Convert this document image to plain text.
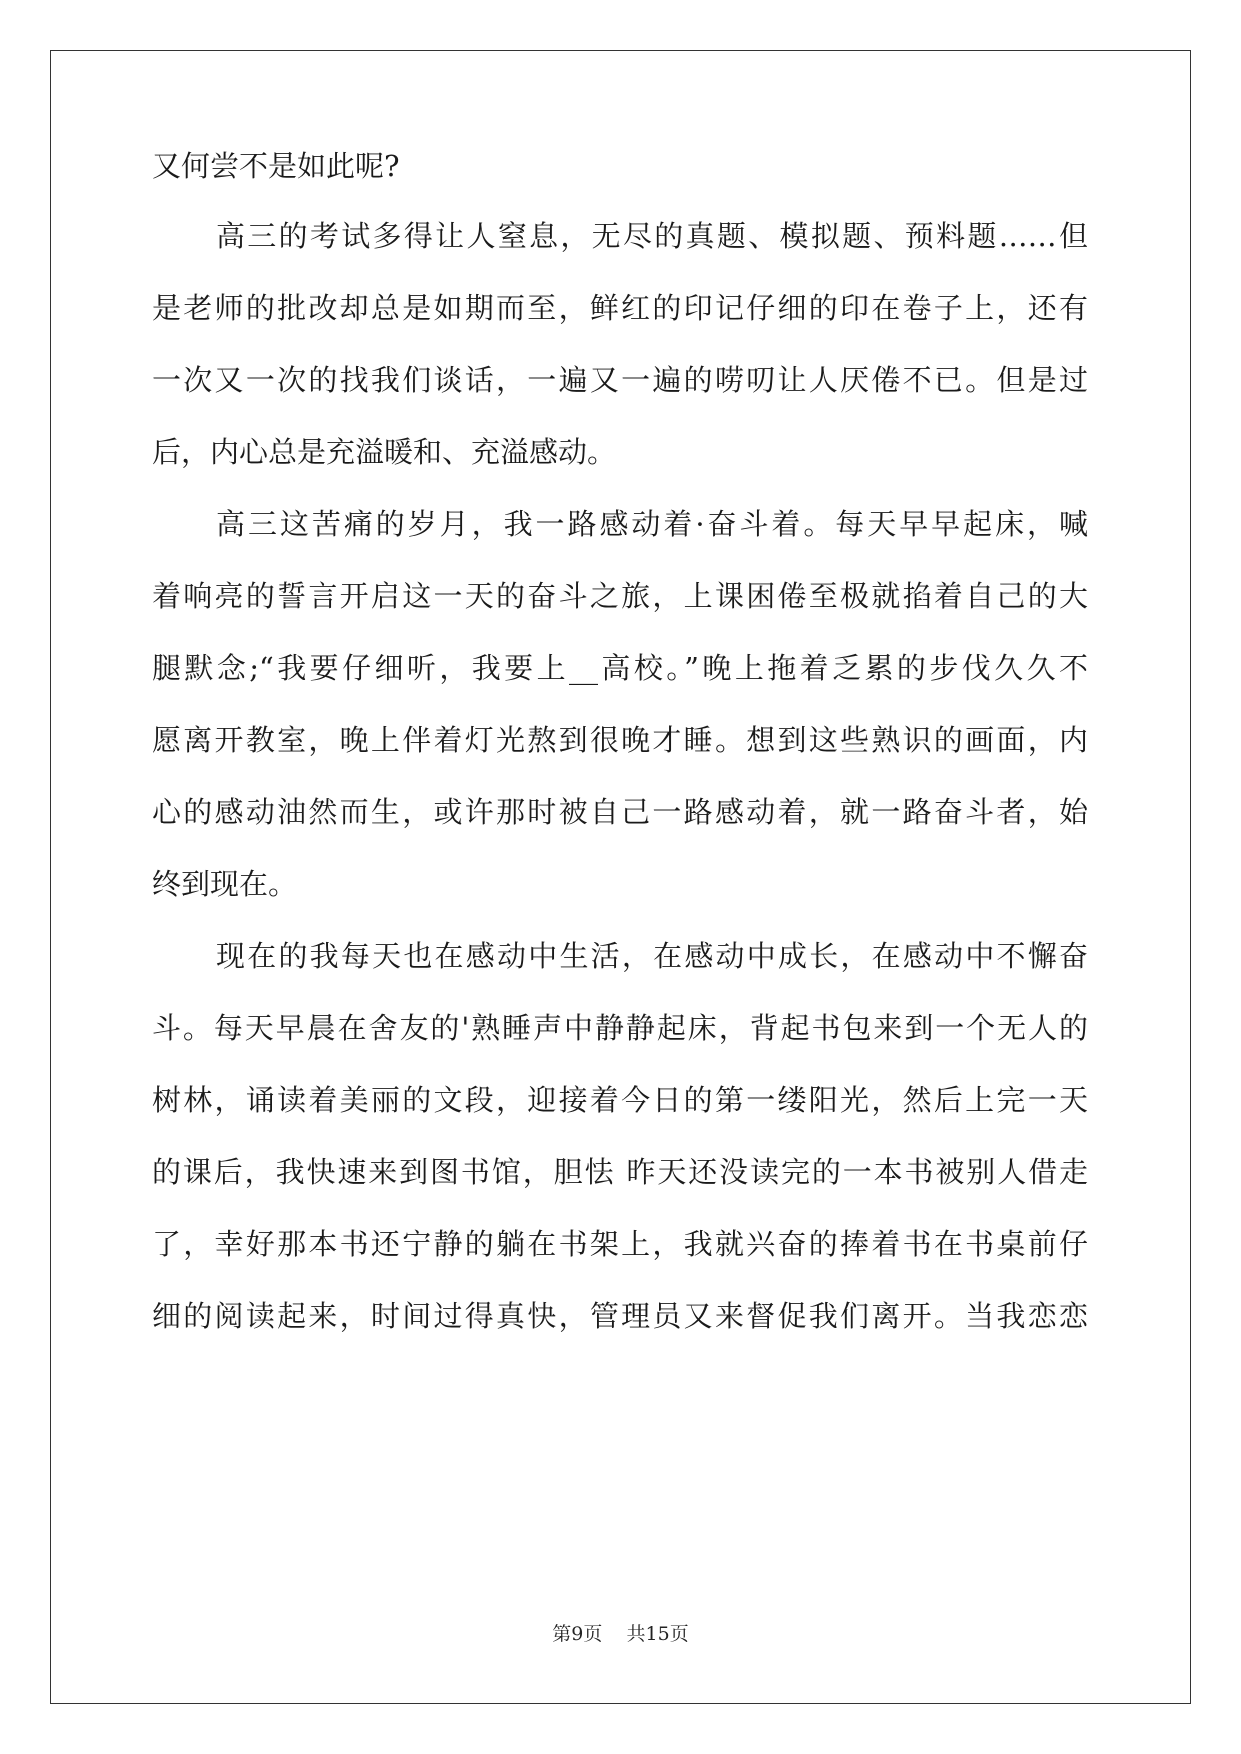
又何尝不是如此呢?
高三的考试多得让人窒息，无尽的真题、模拟题、预料题……但
是老师的批改却总是如期而至，鲜红的印记仔细的印在卷子上，还有
一次又一次的找我们谈话，一遍又一遍的唠叨让人厌倦不已。但是过
后，内心总是充溢暖和、充溢感动。
高三这苦痛的岁月，我一路感动着·奋斗着。每天早早起床，喊
着响亮的誓言开启这一天的奋斗之旅，上课困倦至极就掐着自己的大
腿默念;“我要仔细听，我要上__高校。”晚上拖着乏累的步伐久久不
愿离开教室，晚上伴着灯光熬到很晚才睡。想到这些熟识的画面，内
心的感动油然而生，或许那时被自己一路感动着，就一路奋斗者，始
终到现在。
现在的我每天也在感动中生活，在感动中成长，在感动中不懈奋
斗。每天早晨在舍友的'熟睡声中静静起床，背起书包来到一个无人的
树林，诵读着美丽的文段，迎接着今日的第一缕阳光，然后上完一天
的课后，我快速来到图书馆，胆怯 昨天还没读完的一本书被别人借走
了，幸好那本书还宁静的躺在书架上，我就兴奋的捧着书在书桌前仔
细的阅读起来，时间过得真快，管理员又来督促我们离开。当我恋恋
第9页    共15页
